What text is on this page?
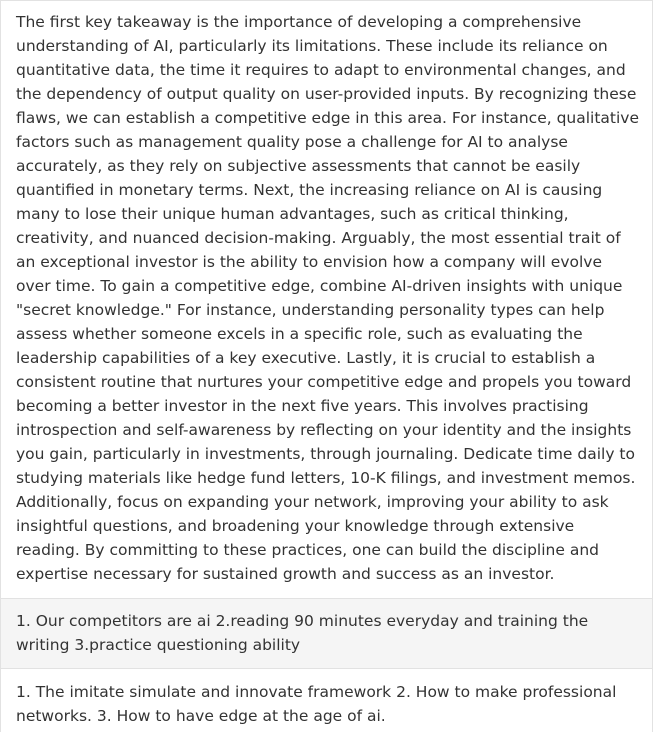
The first key takeaway is the importance of developing a comprehensive understanding of AI, particularly its limitations. These include its reliance on quantitative data, the time it requires to adapt to environmental changes, and the dependency of output quality on user-provided inputs. By recognizing these flaws, we can establish a competitive edge in this area. For instance, qualitative factors such as management quality pose a challenge for AI to analyse accurately, as they rely on subjective assessments that cannot be easily quantified in monetary terms. Next, the increasing reliance on AI is causing many to lose their unique human advantages, such as critical thinking, creativity, and nuanced decision-making. Arguably, the most essential trait of an exceptional investor is the ability to envision how a company will evolve over time. To gain a competitive edge, combine AI-driven insights with unique "secret knowledge." For instance, understanding personality types can help assess whether someone excels in a specific role, such as evaluating the leadership capabilities of a key executive. Lastly, it is crucial to establish a consistent routine that nurtures your competitive edge and propels you toward becoming a better investor in the next five years. This involves practising introspection and self-awareness by reflecting on your identity and the insights you gain, particularly in investments, through journaling. Dedicate time daily to studying materials like hedge fund letters, 10-K filings, and investment memos. Additionally, focus on expanding your network, improving your ability to ask insightful questions, and broadening your knowledge through extensive reading. By committing to these practices, one can build the discipline and expertise necessary for sustained growth and success as an investor.
1. Our competitors are ai 2.reading 90 minutes everyday and training the writing 3.practice questioning ability
1. The imitate simulate and innovate framework 2. How to make professional networks. 3. How to have edge at the age of ai.
